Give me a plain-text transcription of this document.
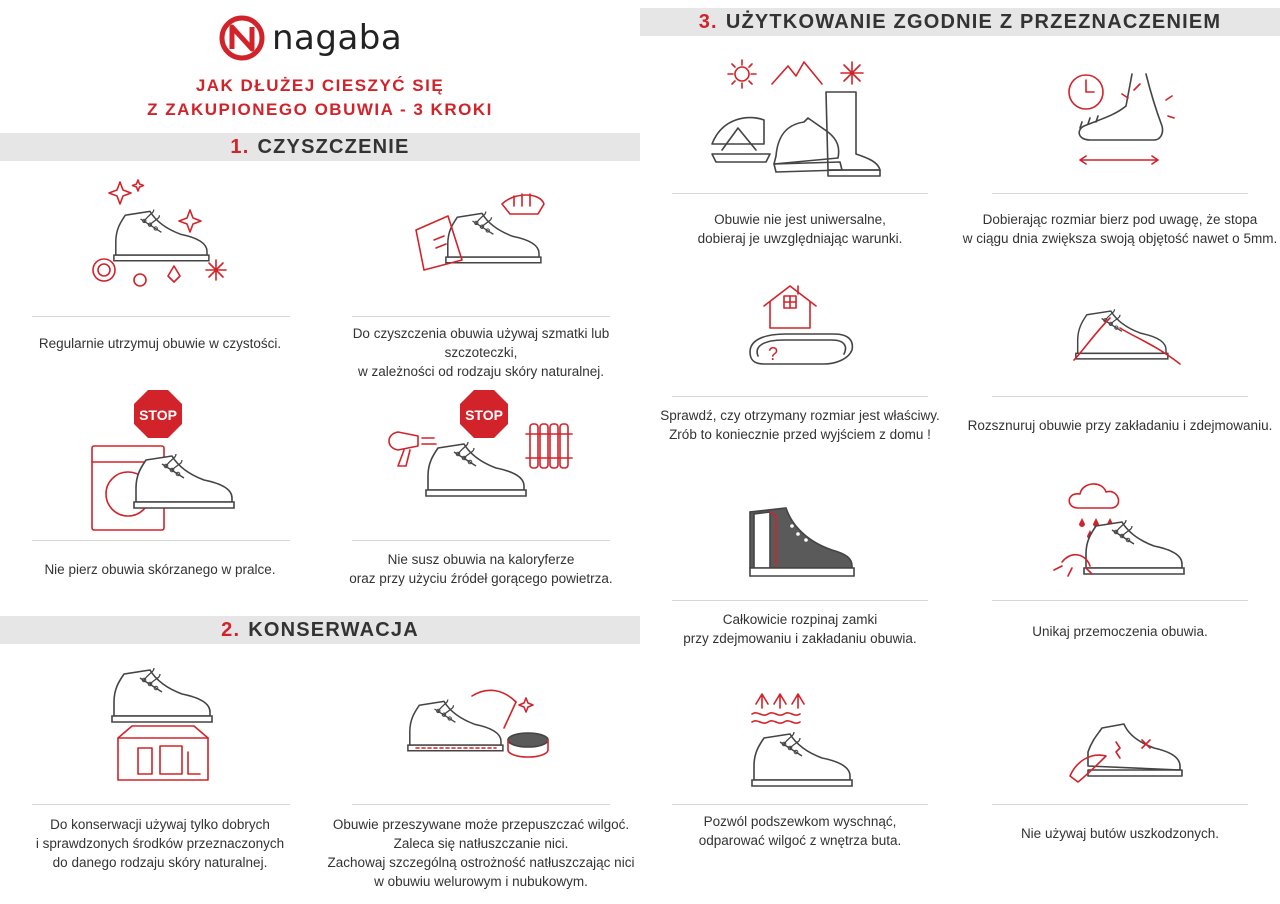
nagaba
JAK DŁUŻEJ CIESZYĆ SIĘ
Z ZAKUPIONEGO OBUWIA - 3 KROKI
1. CZYSZCZENIE
2. KONSERWACJA
3. UŻYTKOWANIE ZGODNIE Z PRZEZNACZENIEM
Regularnie utrzymuj obuwie w czystości.
Do czyszczenia obuwia używaj szmatki lub szczoteczki,
w zależności od rodzaju skóry naturalnej.
STOP
Nie pierz obuwia skórzanego w pralce.
STOP
Nie susz obuwia na kaloryferze
oraz przy użyciu źródeł gorącego powietrza.
Do konserwacji używaj tylko dobrych
i sprawdzonych środków przeznaczonych
do danego rodzaju skóry naturalnej.
Obuwie przeszywane może przepuszczać wilgoć.
Zaleca się natłuszczanie nici.
Zachowaj szczególną ostrożność natłuszczając nici
w obuwiu welurowym i nubukowym.
Obuwie nie jest uniwersalne,
dobieraj je uwzględniając warunki.
Dobierając rozmiar bierz pod uwagę, że stopa
w ciągu dnia zwiększa swoją objętość nawet o 5mm.
?
Sprawdź, czy otrzymany rozmiar jest właściwy.
Zrób to koniecznie przed wyjściem z domu !
Rozsznuruj obuwie przy zakładaniu i zdejmowaniu.
Całkowicie rozpinaj zamki
przy zdejmowaniu i zakładaniu obuwia.	Unikaj przemoczenia obuwia.
Pozwól podszewkom wyschnąć,
odparować wilgoć z wnętrza buta.	Nie używaj butów uszkodzonych.
